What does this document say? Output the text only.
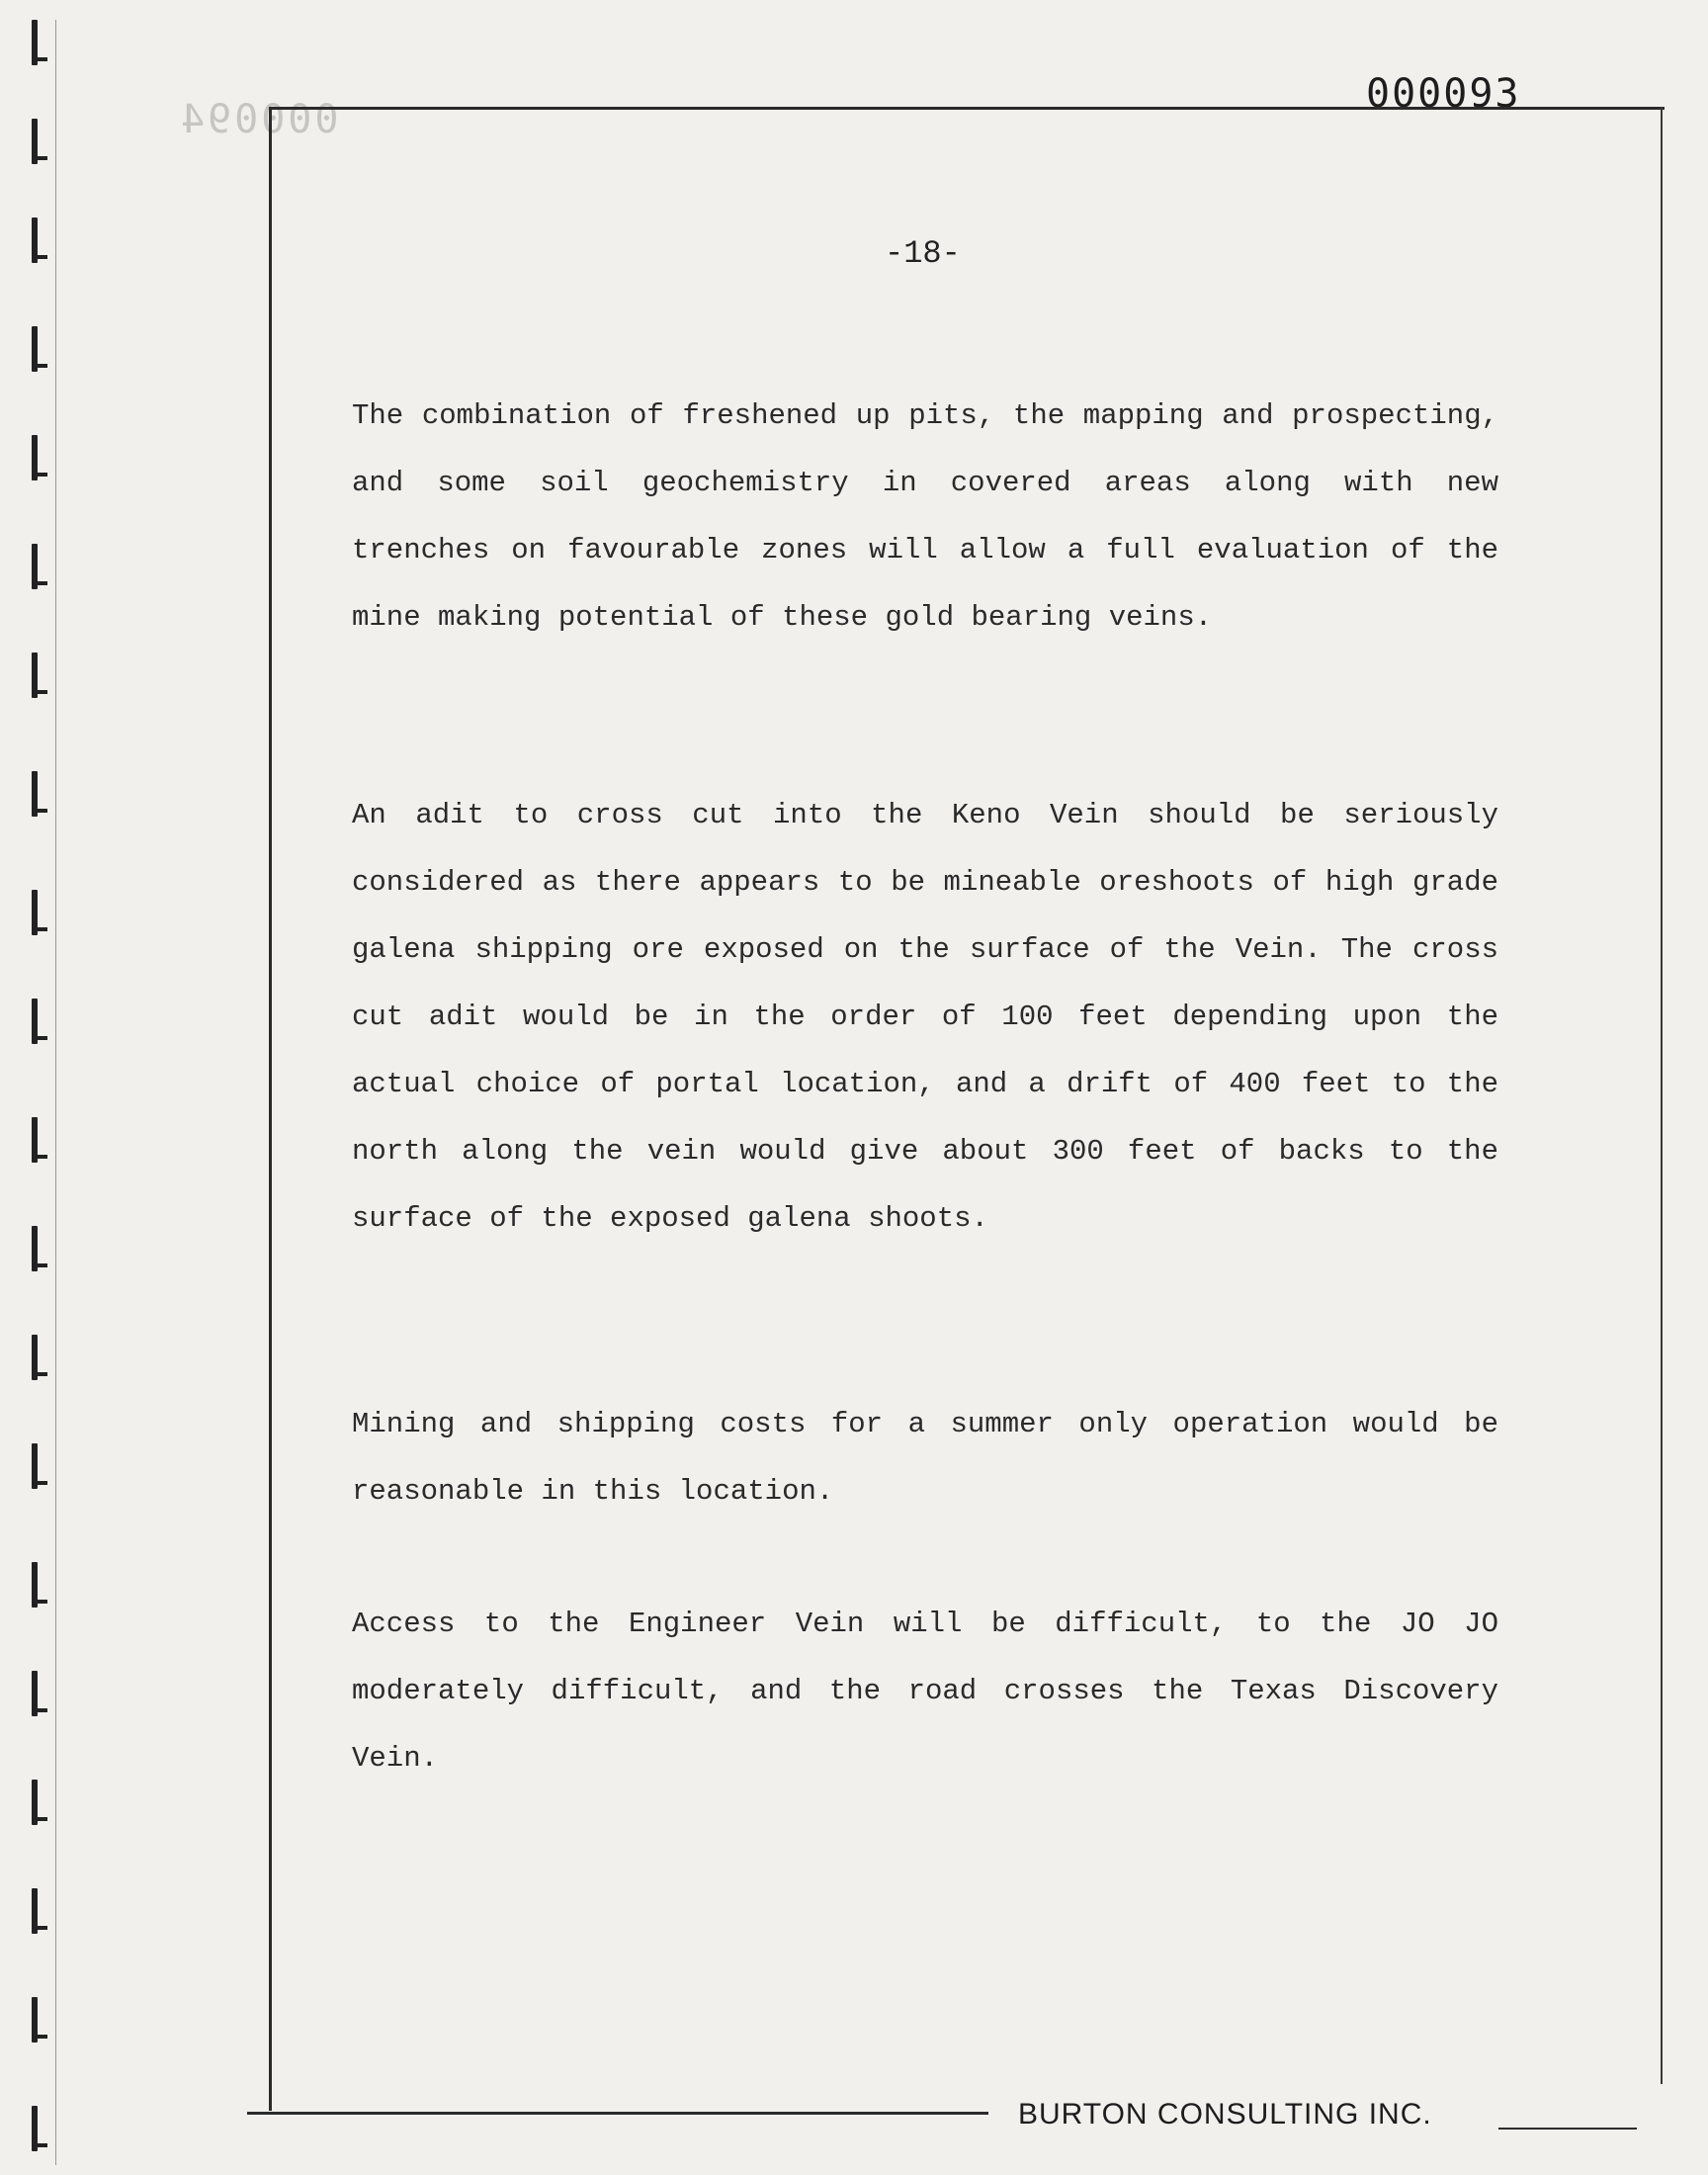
000094
000093
-18-

The combination of freshened up pits, the mapping and prospecting, and some soil geochemistry in covered areas along with new trenches on favourable zones will allow a full evaluation of the mine making potential of these gold bearing veins.

An adit to cross cut into the Keno Vein should be seriously considered as there appears to be mineable oreshoots of high grade galena shipping ore exposed on the surface of the Vein. The cross cut adit would be in the order of 100 feet depending upon the actual choice of portal location, and a drift of 400 feet to the north along the vein would give about 300 feet of backs to the surface of the exposed galena shoots.

Mining and shipping costs for a summer only operation would be reasonable in this location.

Access to the Engineer Vein will be difficult, to the JO JO moderately difficult, and the road crosses the Texas Discovery Vein.

BURTON CONSULTING INC.
